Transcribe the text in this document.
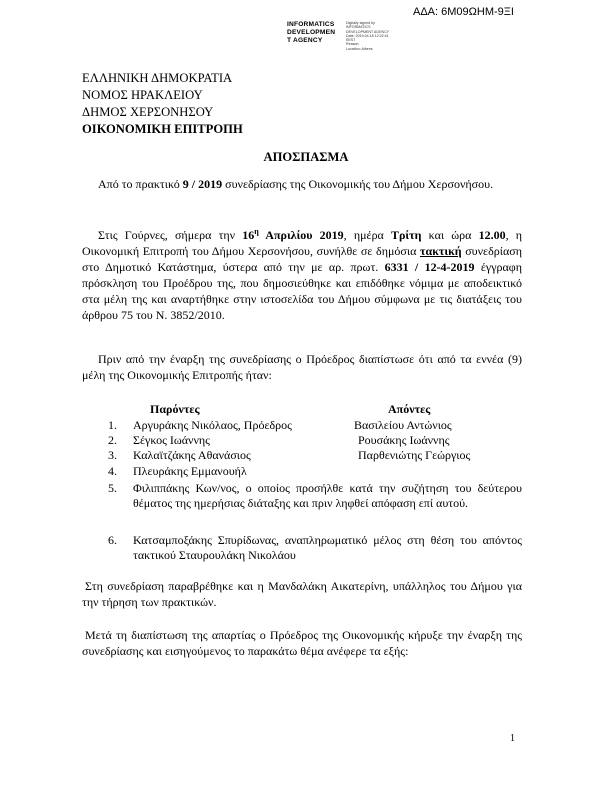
ΑΔΑ: 6Μ09ΩΗΜ-9ΞΙ
INFORMATICS
DEVELOPMEN
T AGENCY
Digitally signed by
INFORMATICS
DEVELOPMENT AGENCY
Date: 2019.04.18 12:22:41
EEST
Reason:
Location: Athens
ΕΛΛΗΝΙΚΗ ΔΗΜΟΚΡΑΤΙΑ
ΝΟΜΟΣ ΗΡΑΚΛΕΙΟΥ
ΔΗΜΟΣ ΧΕΡΣΟΝΗΣΟΥ
ΟΙΚΟΝΟΜΙΚΗ ΕΠΙΤΡΟΠΗ
ΑΠΟΣΠΑΣΜΑ
Από το πρακτικό 9 / 2019 συνεδρίασης της Οικονομικής του Δήμου Χερσονήσου.
Στις Γούρνες, σήμερα την $16^\eta$ Απριλίου 2019, ημέρα Τρίτη και ώρα 12.00, η Οικονομική Επιτροπή του Δήμου Χερσονήσου, συνήλθε σε δημόσια τακτική συνεδρίαση στο Δημοτικό Κατάστημα, ύστερα από την με αρ. πρωτ. 6331 / 12-4-2019 έγγραφη πρόσκληση του Προέδρου της, που δημοσιεύθηκε και επιδόθηκε νόμιμα με αποδεικτικό στα μέλη της και αναρτήθηκε στην ιστοσελίδα του Δήμου σύμφωνα με τις διατάξεις του άρθρου 75 του Ν. 3852/2010.
Πριν από την έναρξη της συνεδρίασης ο Πρόεδρος διαπίστωσε ότι από τα εννέα (9) μέλη της Οικονομικής Επιτροπής ήταν:
Παρόντες	Απόντες
1. Αργυράκης Νικόλαος, Πρόεδρος	Βασιλείου Αντώνιος
2. Σέγκος Ιωάννης	Ρουσάκης Ιωάννης
3. Καλαϊτζάκης Αθανάσιος	Παρθενιώτης Γεώργιος
4. Πλευράκης Εμμανουήλ
5. Φιλιππάκης Κων/νος, ο οποίος προσήλθε κατά την συζήτηση του δεύτερου θέματος της ημερήσιας διάταξης και πριν ληφθεί απόφαση επί αυτού.
6. Κατσαμποξάκης Σπυρίδωνας, αναπληρωματικό μέλος στη θέση του απόντος τακτικού Σταυρουλάκη Νικολάου
Στη συνεδρίαση παραβρέθηκε και η Μανδαλάκη Αικατερίνη, υπάλληλος του Δήμου για την τήρηση των πρακτικών.
Μετά τη διαπίστωση της απαρτίας ο Πρόεδρος της Οικονομικής κήρυξε την έναρξη της συνεδρίασης και εισηγούμενος το παρακάτω θέμα ανέφερε τα εξής:
1
